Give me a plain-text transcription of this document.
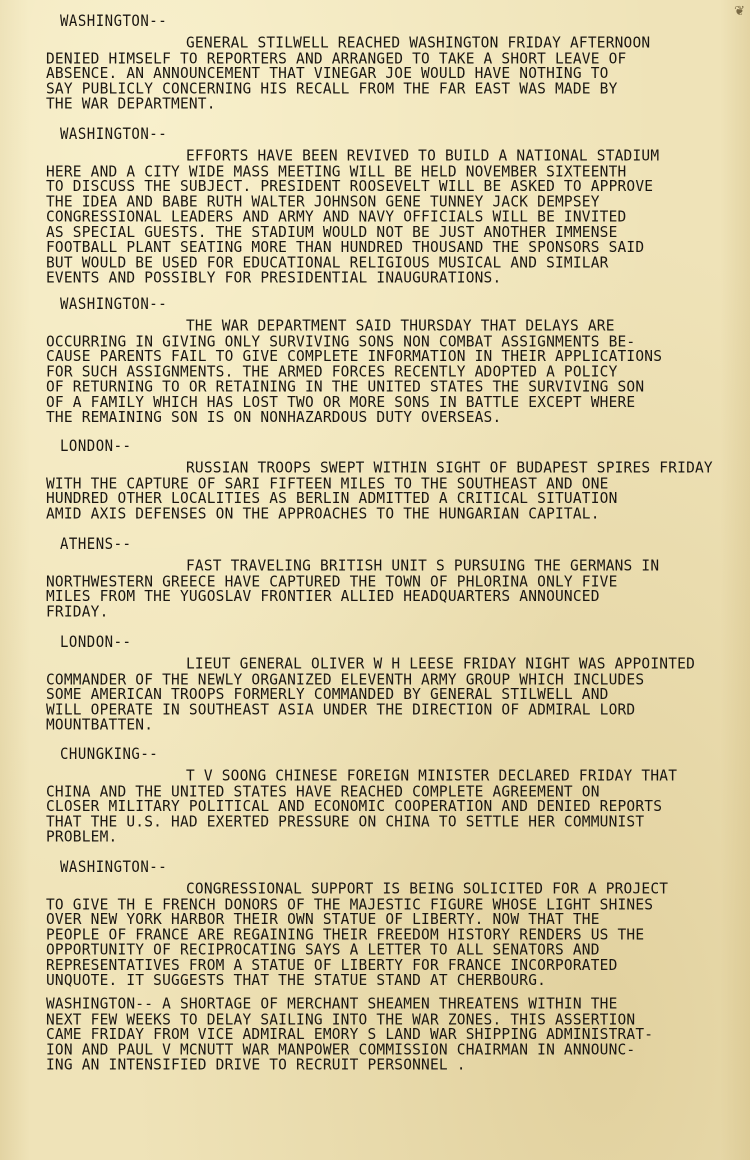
❦
WASHINGTON--
GENERAL STILWELL REACHED WASHINGTON FRIDAY AFTERNOON
DENIED HIMSELF TO REPORTERS AND ARRANGED TO TAKE A SHORT LEAVE OF
ABSENCE. AN ANNOUNCEMENT THAT VINEGAR JOE WOULD HAVE NOTHING TO
SAY PUBLICLY CONCERNING HIS RECALL FROM THE FAR EAST WAS MADE BY
THE WAR DEPARTMENT.
WASHINGTON--
EFFORTS HAVE BEEN REVIVED TO BUILD A NATIONAL STADIUM
HERE AND A CITY WIDE MASS MEETING WILL BE HELD NOVEMBER SIXTEENTH
TO DISCUSS THE SUBJECT. PRESIDENT ROOSEVELT WILL BE ASKED TO APPROVE
THE IDEA AND BABE RUTH WALTER JOHNSON GENE TUNNEY JACK DEMPSEY
CONGRESSIONAL LEADERS AND ARMY AND NAVY OFFICIALS WILL BE INVITED
AS SPECIAL GUESTS. THE STADIUM WOULD NOT BE JUST ANOTHER IMMENSE
FOOTBALL PLANT SEATING MORE THAN HUNDRED THOUSAND THE SPONSORS SAID
BUT WOULD BE USED FOR EDUCATIONAL RELIGIOUS MUSICAL AND SIMILAR
EVENTS AND POSSIBLY FOR PRESIDENTIAL INAUGURATIONS.
WASHINGTON--
THE WAR DEPARTMENT SAID THURSDAY THAT DELAYS ARE
OCCURRING IN GIVING ONLY SURVIVING SONS NON COMBAT ASSIGNMENTS BE-
CAUSE PARENTS FAIL TO GIVE COMPLETE INFORMATION IN THEIR APPLICATIONS
FOR SUCH ASSIGNMENTS. THE ARMED FORCES RECENTLY ADOPTED A POLICY
OF RETURNING TO OR RETAINING IN THE UNITED STATES THE SURVIVING SON
OF A FAMILY WHICH HAS LOST TWO OR MORE SONS IN BATTLE EXCEPT WHERE
THE REMAINING SON IS ON NONHAZARDOUS DUTY OVERSEAS.
LONDON--
RUSSIAN TROOPS SWEPT WITHIN SIGHT OF BUDAPEST SPIRES FRIDAY
WITH THE CAPTURE OF SARI FIFTEEN MILES TO THE SOUTHEAST AND ONE
HUNDRED OTHER LOCALITIES AS BERLIN ADMITTED A CRITICAL SITUATION
AMID AXIS DEFENSES ON THE APPROACHES TO THE HUNGARIAN CAPITAL.
ATHENS--
FAST TRAVELING BRITISH UNIT S PURSUING THE GERMANS IN
NORTHWESTERN GREECE HAVE CAPTURED THE TOWN OF PHLORINA ONLY FIVE
MILES FROM THE YUGOSLAV FRONTIER ALLIED HEADQUARTERS ANNOUNCED
FRIDAY.
LONDON--
LIEUT GENERAL OLIVER W H LEESE FRIDAY NIGHT WAS APPOINTED
COMMANDER OF THE NEWLY ORGANIZED ELEVENTH ARMY GROUP WHICH INCLUDES
SOME AMERICAN TROOPS FORMERLY COMMANDED BY GENERAL STILWELL AND
WILL OPERATE IN SOUTHEAST ASIA UNDER THE DIRECTION OF ADMIRAL LORD
MOUNTBATTEN.
CHUNGKING--
T V SOONG CHINESE FOREIGN MINISTER DECLARED FRIDAY THAT
CHINA AND THE UNITED STATES HAVE REACHED COMPLETE AGREEMENT ON
CLOSER MILITARY POLITICAL AND ECONOMIC COOPERATION AND DENIED REPORTS
THAT THE U.S. HAD EXERTED PRESSURE ON CHINA TO SETTLE HER COMMUNIST
PROBLEM.
WASHINGTON--
CONGRESSIONAL SUPPORT IS BEING SOLICITED FOR A PROJECT
TO GIVE TH E FRENCH DONORS OF THE MAJESTIC FIGURE WHOSE LIGHT SHINES
OVER NEW YORK HARBOR THEIR OWN STATUE OF LIBERTY. NOW THAT THE
PEOPLE OF FRANCE ARE REGAINING THEIR FREEDOM HISTORY RENDERS US THE
OPPORTUNITY OF RECIPROCATING SAYS A LETTER TO ALL SENATORS AND
REPRESENTATIVES FROM A STATUE OF LIBERTY FOR FRANCE INCORPORATED
UNQUOTE. IT SUGGESTS THAT THE STATUE STAND AT CHERBOURG.
WASHINGTON-- A SHORTAGE OF MERCHANT SHEAMEN THREATENS WITHIN THE
NEXT FEW WEEKS TO DELAY SAILING INTO THE WAR ZONES. THIS ASSERTION
CAME FRIDAY FROM VICE ADMIRAL EMORY S LAND WAR SHIPPING ADMINISTRAT-
ION AND PAUL V MCNUTT WAR MANPOWER COMMISSION CHAIRMAN IN ANNOUNC-
ING AN INTENSIFIED DRIVE TO RECRUIT PERSONNEL .
